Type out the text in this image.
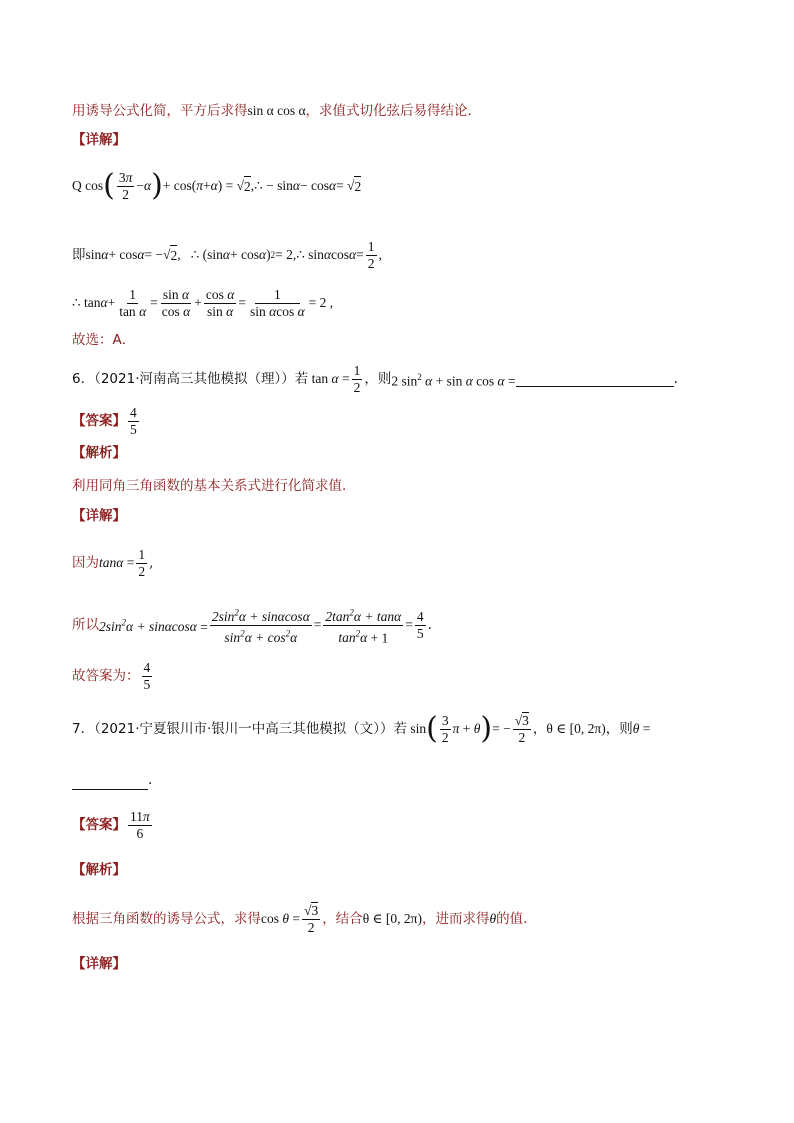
用诱导公式化简，平方后求得sin α cos α，求值式切化弦后易得结论．
【详解】
Q cos ( $\frac{3\pi}{2} - \alpha$ ) + cos( π + α ) = √ 2 ,∴ − sin α − cos α = √ 2
即 sin α + cos α = −√ 2 ,   ∴ (sin α + cos α ) 2 = 2,∴ sin α $\cos \alpha = \frac{1}{2}$ ,
∴ $\tan \alpha + \frac{1}{\text{tan α}} = \frac{\text{sin α}}{\text{cos α}} + \frac{\text{cos α}}{\text{sin α}} = \frac{1}{\text{sin αcos α}} = 2$ ,
故选：A．
6．（2021·河南高三其他模拟（理））若 $\tan \alpha = \frac{1}{2}$ ，则 2 $\sin^2 \alpha + \sin \alpha$ cos α =	.
【答案】 $\frac{4}{5}$
【解析】
利用同角三角函数的基本关系式进行化简求值.
【详解】
因为 $\tan\alpha = \frac{1}{2}$ ,
所以 $2\sin^2\alpha + \sin\alpha\cos\alpha = \frac{2\sin^2\alpha + \sin\alpha\cos\alpha}{\sin^2\alpha + \cos^2\alpha} = \frac{2\tan^2\alpha + \tan\alpha}{\tan^2\alpha + 1} = \frac{4}{5}$ .
故答案为： $\frac{4}{5}$
7．（2021·宁夏银川市·银川一中高三其他模拟（文））若 sin ( $\frac{3}{2}$ π + θ ) = − $\frac{√3}{2}$ ， θ ∈ [0, 2π) ，则 θ =
.
【答案】 $\frac{11\pi}{6}$
【解析】
根据三角函数的诱导公式，求得 $\cos \theta = \frac{√3}{2}$ ，结合 θ ∈ [0, 2π) ，进而求得 θ 的值.
【详解】
